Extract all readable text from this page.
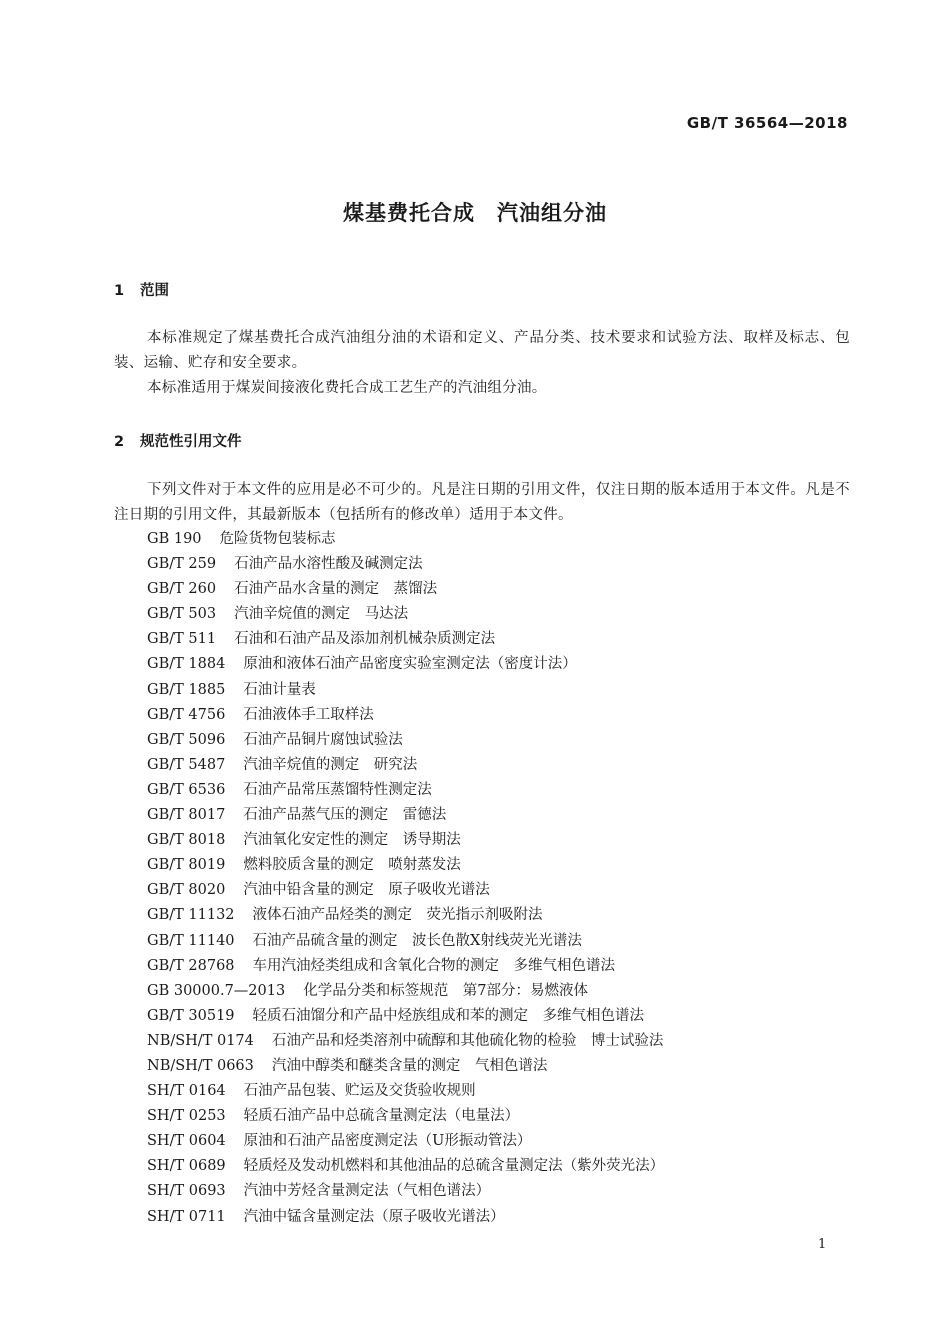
GB/T 36564—2018
煤基费托合成　汽油组分油
1 范围

本标准规定了煤基费托合成汽油组分油的术语和定义、产品分类、技术要求和试验方法、取样及标志、包装、运输、贮存和安全要求。

本标准适用于煤炭间接液化费托合成工艺生产的汽油组分油。

2 规范性引用文件

下列文件对于本文件的应用是必不可少的。凡是注日期的引用文件，仅注日期的版本适用于本文件。凡是不注日期的引用文件，其最新版本（包括所有的修改单）适用于本文件。

GB 190 危险货物包装标志
GB/T 259 石油产品水溶性酸及碱测定法
GB/T 260 石油产品水含量的测定　蒸馏法
GB/T 503 汽油辛烷值的测定　马达法
GB/T 511 石油和石油产品及添加剂机械杂质测定法
GB/T 1884 原油和液体石油产品密度实验室测定法（密度计法）
GB/T 1885 石油计量表
GB/T 4756 石油液体手工取样法
GB/T 5096 石油产品铜片腐蚀试验法
GB/T 5487 汽油辛烷值的测定　研究法
GB/T 6536 石油产品常压蒸馏特性测定法
GB/T 8017 石油产品蒸气压的测定　雷德法
GB/T 8018 汽油氧化安定性的测定　诱导期法
GB/T 8019 燃料胶质含量的测定　喷射蒸发法
GB/T 8020 汽油中铅含量的测定　原子吸收光谱法
GB/T 11132 液体石油产品烃类的测定　荧光指示剂吸附法
GB/T 11140 石油产品硫含量的测定　波长色散X射线荧光光谱法
GB/T 28768 车用汽油烃类组成和含氧化合物的测定　多维气相色谱法
GB 30000.7—2013 化学品分类和标签规范　第7部分：易燃液体
GB/T 30519 轻质石油馏分和产品中烃族组成和苯的测定　多维气相色谱法
NB/SH/T 0174 石油产品和烃类溶剂中硫醇和其他硫化物的检验　博士试验法
NB/SH/T 0663 汽油中醇类和醚类含量的测定　气相色谱法
SH/T 0164 石油产品包装、贮运及交货验收规则
SH/T 0253 轻质石油产品中总硫含量测定法（电量法）
SH/T 0604 原油和石油产品密度测定法（U形振动管法）
SH/T 0689 轻质烃及发动机燃料和其他油品的总硫含量测定法（紫外荧光法）
SH/T 0693 汽油中芳烃含量测定法（气相色谱法）
SH/T 0711 汽油中锰含量测定法（原子吸收光谱法）
1
